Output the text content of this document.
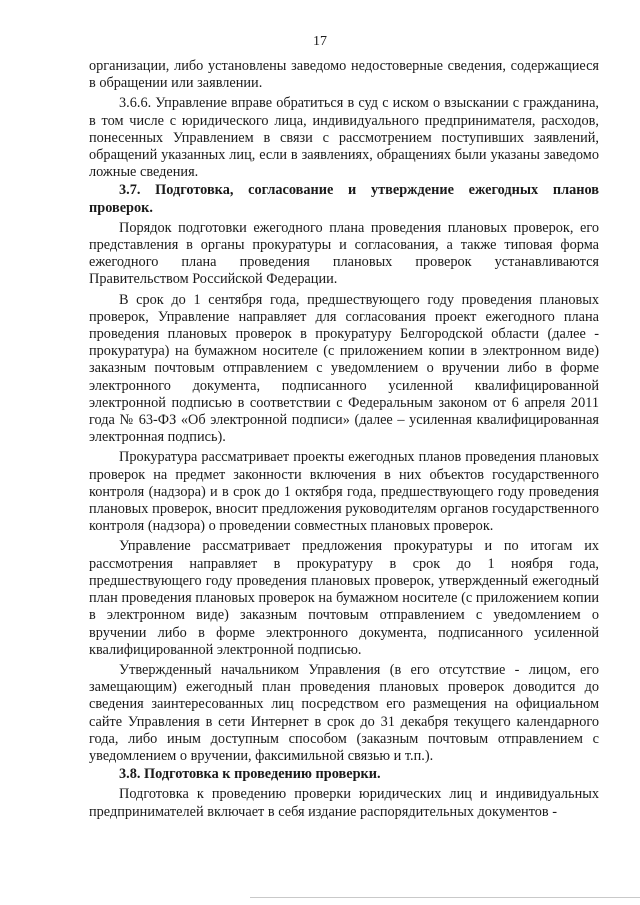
17

организации, либо установлены заведомо недостоверные сведения, содержащиеся в обращении или заявлении.

3.6.6. Управление вправе обратиться в суд с иском о взыскании с гражданина, в том числе с юридического лица, индивидуального предпринимателя, расходов, понесенных Управлением в связи с рассмотрением поступивших заявлений, обращений указанных лиц, если в заявлениях, обращениях были указаны заведомо ложные сведения.

3.7. Подготовка, согласование и утверждение ежегодных планов проверок.

Порядок подготовки ежегодного плана проведения плановых проверок, его представления в органы прокуратуры и согласования, а также типовая форма ежегодного плана проведения плановых проверок устанавливаются Правительством Российской Федерации.

В срок до 1 сентября года, предшествующего году проведения плановых проверок, Управление направляет для согласования проект ежегодного плана проведения плановых проверок в прокуратуру Белгородской области (далее - прокуратура) на бумажном носителе (с приложением копии в электронном виде) заказным почтовым отправлением с уведомлением о вручении либо в форме электронного документа, подписанного усиленной квалифицированной электронной подписью в соответствии с Федеральным законом от 6 апреля 2011 года № 63-ФЗ «Об электронной подписи» (далее – усиленная квалифицированная электронная подпись).

Прокуратура рассматривает проекты ежегодных планов проведения плановых проверок на предмет законности включения в них объектов государственного контроля (надзора) и в срок до 1 октября года, предшествующего году проведения плановых проверок, вносит предложения руководителям органов государственного контроля (надзора) о проведении совместных плановых проверок.

Управление рассматривает предложения прокуратуры и по итогам их рассмотрения направляет в прокуратуру в срок до 1 ноября года, предшествующего году проведения плановых проверок, утвержденный ежегодный план проведения плановых проверок на бумажном носителе (с приложением копии в электронном виде) заказным почтовым отправлением с уведомлением о вручении либо в форме электронного документа, подписанного усиленной квалифицированной электронной подписью.

Утвержденный начальником Управления (в его отсутствие - лицом, его замещающим) ежегодный план проведения плановых проверок доводится до сведения заинтересованных лиц посредством его размещения на официальном сайте Управления в сети Интернет в срок до 31 декабря текущего календарного года, либо иным доступным способом (заказным почтовым отправлением с уведомлением о вручении, факсимильной связью и т.п.).

3.8. Подготовка к проведению проверки.

Подготовка к проведению проверки юридических лиц и индивидуальных предпринимателей включает в себя издание распорядительных документов -
